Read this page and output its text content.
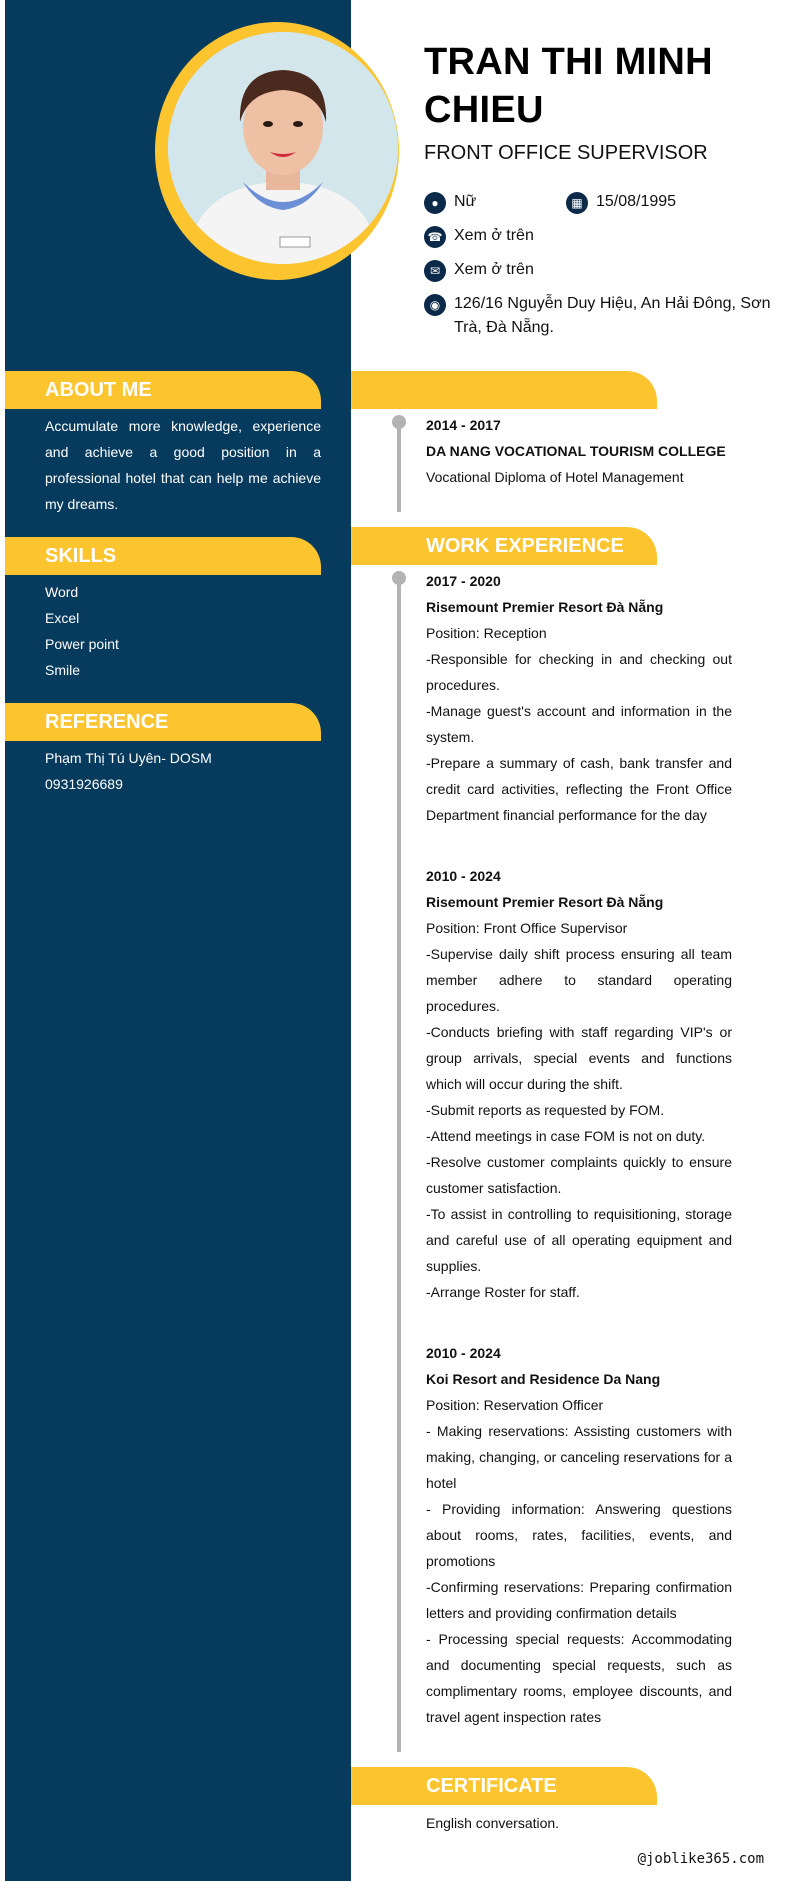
TRAN THI MINH CHIEU
FRONT OFFICE SUPERVISOR
● Nữ	▦ 15/08/1995
☎ Xem ở trên
✉ Xem ở trên
◉ 126/16 Nguyễn Duy Hiệu, An Hải Đông, Sơn Trà, Đà Nẵng.
ABOUT ME
Accumulate more knowledge, experience and achieve a good position in a professional hotel that can help me achieve my dreams.
SKILLS
Word
Excel
Power point
Smile
REFERENCE
Phạm Thị Tú Uyên- DOSM
0931926689
2014 - 2017
DA NANG VOCATIONAL TOURISM COLLEGE
Vocational Diploma of Hotel Management
WORK EXPERIENCE
2017 - 2020
Risemount Premier Resort Đà Nẵng
Position: Reception
-Responsible for checking in and checking out procedures.
-Manage guest's account and information in the system.
-Prepare a summary of cash, bank transfer and credit card activities, reflecting the Front Office Department financial performance for the day
2010 - 2024
Risemount Premier Resort Đà Nẵng
Position: Front Office Supervisor
-Supervise daily shift process ensuring all team member adhere to standard operating procedures.
-Conducts briefing with staff regarding VIP's or group arrivals, special events and functions which will occur during the shift.
-Submit reports as requested by FOM.
-Attend meetings in case FOM is not on duty.
-Resolve customer complaints quickly to ensure customer satisfaction.
-To assist in controlling to requisitioning, storage and careful use of all operating equipment and supplies.
-Arrange Roster for staff.
2010 - 2024
Koi Resort and Residence Da Nang
Position: Reservation Officer
- Making reservations: Assisting customers with making, changing, or canceling reservations for a hotel
- Providing information: Answering questions about rooms, rates, facilities, events, and promotions
-Confirming reservations: Preparing confirmation letters and providing confirmation details
- Processing special requests: Accommodating and documenting special requests, such as complimentary rooms, employee discounts, and travel agent inspection rates
CERTIFICATE
English conversation.
@joblike365.com
